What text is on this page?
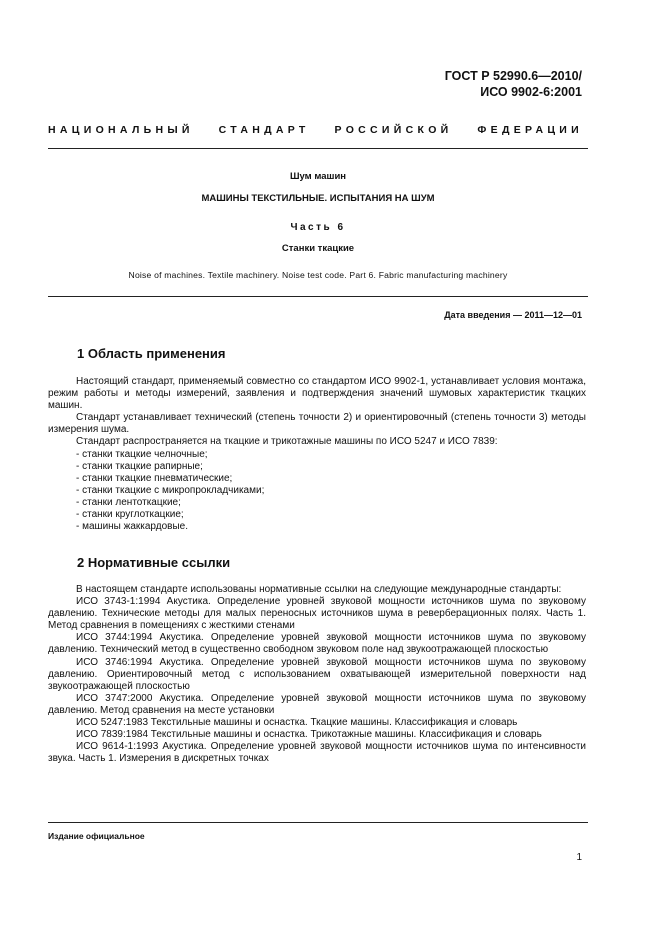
ГОСТ Р 52990.6—2010/
ИСО 9902-6:2001
НАЦИОНАЛЬНЫЙ СТАНДАРТ РОССИЙСКОЙ ФЕДЕРАЦИИ
Шум машин
МАШИНЫ ТЕКСТИЛЬНЫЕ. ИСПЫТАНИЯ НА ШУМ
Часть 6
Станки ткацкие
Noise of machines. Textile machinery. Noise test code. Part 6. Fabric manufacturing machinery
Дата введения — 2011—12—01
1 Область применения

Настоящий стандарт, применяемый совместно со стандартом ИСО 9902-1, устанавливает условия монтажа, режим работы и методы измерений, заявления и подтверждения значений шумовых характеристик ткацких машин.

Стандарт устанавливает технический (степень точности 2) и ориентировочный (степень точности 3) методы измерения шума.

Стандарт распространяется на ткацкие и трикотажные машины по ИСО 5247 и ИСО 7839:

- станки ткацкие челночные;

- станки ткацкие рапирные;

- станки ткацкие пневматические;

- станки ткацкие с микропрокладчиками;

- станки лентоткацкие;

- станки круглоткацкие;

- машины жаккардовые.

2 Нормативные ссылки

В настоящем стандарте использованы нормативные ссылки на следующие международные стандарты:

ИСО 3743-1:1994 Акустика. Определение уровней звуковой мощности источников шума по звуковому давлению. Технические методы для малых переносных источников шума в реверберационных полях. Часть 1. Метод сравнения в помещениях с жесткими стенами

ИСО 3744:1994 Акустика. Определение уровней звуковой мощности источников шума по звуковому давлению. Технический метод в существенно свободном звуковом поле над звукоотражающей плоскостью

ИСО 3746:1994 Акустика. Определение уровней звуковой мощности источников шума по звуковому давлению. Ориентировочный метод с использованием охватывающей измерительной поверхности над звукоотражающей плоскостью

ИСО 3747:2000 Акустика. Определение уровней звуковой мощности источников шума по звуковому давлению. Метод сравнения на месте установки

ИСО 5247:1983 Текстильные машины и оснастка. Ткацкие машины. Классификация и словарь

ИСО 7839:1984 Текстильные машины и оснастка. Трикотажные машины. Классификация и словарь

ИСО 9614-1:1993 Акустика. Определение уровней звуковой мощности источников шума по интенсивности звука. Часть 1. Измерения в дискретных точках

Издание официальное
1
